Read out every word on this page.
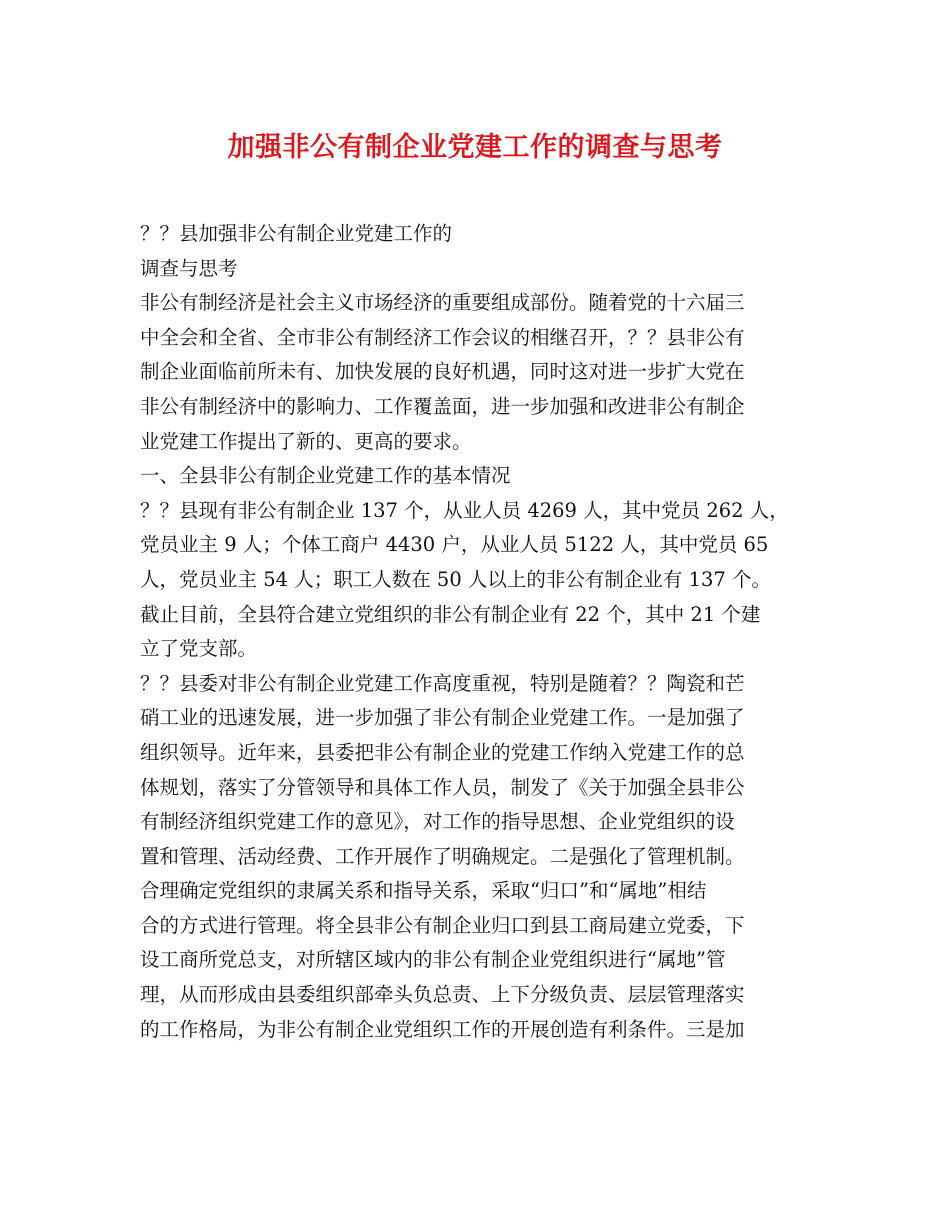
加强非公有制企业党建工作的调查与思考
？？县加强非公有制企业党建工作的
调查与思考
非公有制经济是社会主义市场经济的重要组成部份。随着党的十六届三
中全会和全省、全市非公有制经济工作会议的相继召开，？？县非公有
制企业面临前所未有、加快发展的良好机遇，同时这对进一步扩大党在
非公有制经济中的影响力、工作覆盖面，进一步加强和改进非公有制企
业党建工作提出了新的、更高的要求。
一、全县非公有制企业党建工作的基本情况
？？县现有非公有制企业 137 个，从业人员 4269 人，其中党员 262 人，
党员业主 9 人；个体工商户 4430 户，从业人员 5122 人，其中党员 65
人，党员业主 54 人；职工人数在 50 人以上的非公有制企业有 137 个。
截止目前，全县符合建立党组织的非公有制企业有 22 个，其中 21 个建
立了党支部。
？？县委对非公有制企业党建工作高度重视，特别是随着？？陶瓷和芒
硝工业的迅速发展，进一步加强了非公有制企业党建工作。一是加强了
组织领导。近年来，县委把非公有制企业的党建工作纳入党建工作的总
体规划，落实了分管领导和具体工作人员，制发了《关于加强全县非公
有制经济组织党建工作的意见》，对工作的指导思想、企业党组织的设
置和管理、活动经费、工作开展作了明确规定。二是强化了管理机制。
合理确定党组织的隶属关系和指导关系，采取“归口”和“属地”相结
合的方式进行管理。将全县非公有制企业归口到县工商局建立党委，下
设工商所党总支，对所辖区域内的非公有制企业党组织进行“属地”管
理，从而形成由县委组织部牵头负总责、上下分级负责、层层管理落实
的工作格局，为非公有制企业党组织工作的开展创造有利条件。三是加
